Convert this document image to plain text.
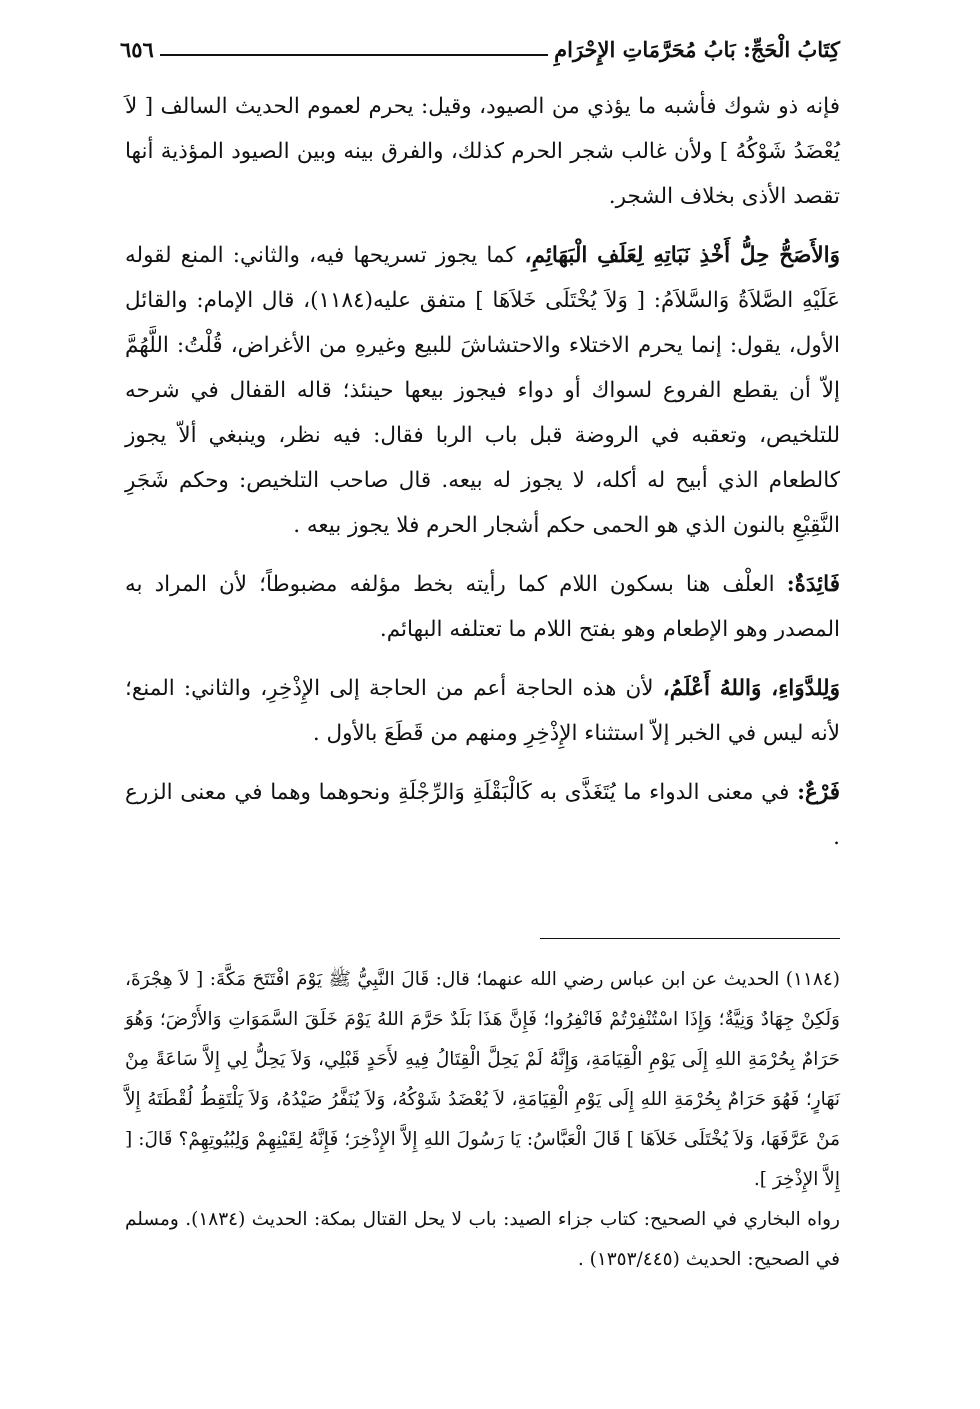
كِتَابُ الْحَجِّ: بَابُ مُحَرَّمَاتِ الإِحْرَامِ
٦٥٦

فإنه ذو شوك فأشبه ما يؤذي من الصيود، وقيل: يحرم لعموم الحديث السالف [ لاَ يُعْضَدُ شَوْكُهُ ] ولأن غالب شجر الحرم كذلك، والفرق بينه وبين الصيود المؤذية أنها تقصد الأذى بخلاف الشجر.

وَالأَصَحُّ حِلُّ أَخْذِ نَبَاتِهِ لِعَلَفِ الْبَهَائِمِ، كما يجوز تسريحها فيه، والثاني: المنع لقوله عَلَيْهِ الصَّلاَةُ وَالسَّلاَمُ: [ وَلاَ يُخْتَلَى خَلاَهَا ] متفق عليه(١١٨٤)، قال الإمام: والقائل الأول، يقول: إنما يحرم الاختلاء والاحتشاشَ للبيع وغيرهِ من الأغراض، قُلْتُ: اللَّهُمَّ إلاّ أن يقطع الفروع لسواك أو دواء فيجوز بيعها حينئذ؛ قاله القفال في شرحه للتلخيص، وتعقبه في الروضة قبل باب الربا فقال: فيه نظر، وينبغي ألاّ يجوز كالطعام الذي أبيح له أكله، لا يجوز له بيعه. قال صاحب التلخيص: وحكم شَجَرِ النَّقِيْعِ بالنون الذي هو الحمى حكم أشجار الحرم فلا يجوز بيعه .

فَائِدَةٌ: العلْف هنا بسكون اللام كما رأيته بخط مؤلفه مضبوطاً؛ لأن المراد به المصدر وهو الإطعام وهو بفتح اللام ما تعتلفه البهائم.

وَلِلدَّوَاءِ، وَاللهُ أَعْلَمُ، لأن هذه الحاجة أعم من الحاجة إلى الإِذْخِرِ، والثاني: المنع؛ لأنه ليس في الخبر إلاّ استثناء الإِذْخِرِ ومنهم من قَطَعَ بالأول .

فَرْعٌ: في معنى الدواء ما يُتَغَذَّى به كَالْبَقْلَةِ وَالرِّجْلَةِ ونحوهما وهما في معنى الزرع .

(١١٨٤) الحديث عن ابن عباس رضي الله عنهما؛ قال: قَالَ النَّبِيُّ ﷺ يَوْمَ افْتَتَحَ مَكَّةَ: [ لاَ هِجْرَةَ، وَلَكِنْ جِهَادٌ وَنِيَّةٌ؛ وَإِذَا اسْتُنْفِرْتُمْ فَانْفِرُوا؛ فَإِنَّ هَذَا بَلَدٌ حَرَّمَ اللهُ يَوْمَ خَلَقَ السَّمَوَاتِ وَالأَرْضَ؛ وَهُوَ حَرَامٌ بِحُرْمَةِ اللهِ إِلَى يَوْمِ الْقِيَامَةِ، وَإِنَّهُ لَمْ يَحِلَّ الْقِتَالُ فِيهِ لأَحَدٍ قَبْلِي، وَلاَ يَحِلُّ لِي إِلاَّ سَاعَةً مِنْ نَهَارٍ؛ فَهُوَ حَرَامٌ بِحُرْمَةِ اللهِ إِلَى يَوْمِ الْقِيَامَةِ، لاَ يُعْضَدُ شَوْكُهُ، وَلاَ يُنَفَّرُ صَيْدُهُ، وَلاَ يَلْتَقِطُ لُقْطَتَهُ إِلاَّ مَنْ عَرَّفَهَا، وَلاَ يُخْتَلَى خَلاَهَا ] قَالَ الْعَبَّاسُ: يَا رَسُولَ اللهِ إِلاَّ الإِذْخِرَ؛ فَإِنَّهُ لِقَيْنِهِمْ وَلِبُيُوتِهِمْ؟ قَالَ: [ إِلاَّ الإِذْخِرَ ].

رواه البخاري في الصحيح: كتاب جزاء الصيد: باب لا يحل القتال بمكة: الحديث (١٨٣٤). ومسلم في الصحيح: الحديث (١٣٥٣/٤٤٥) .
